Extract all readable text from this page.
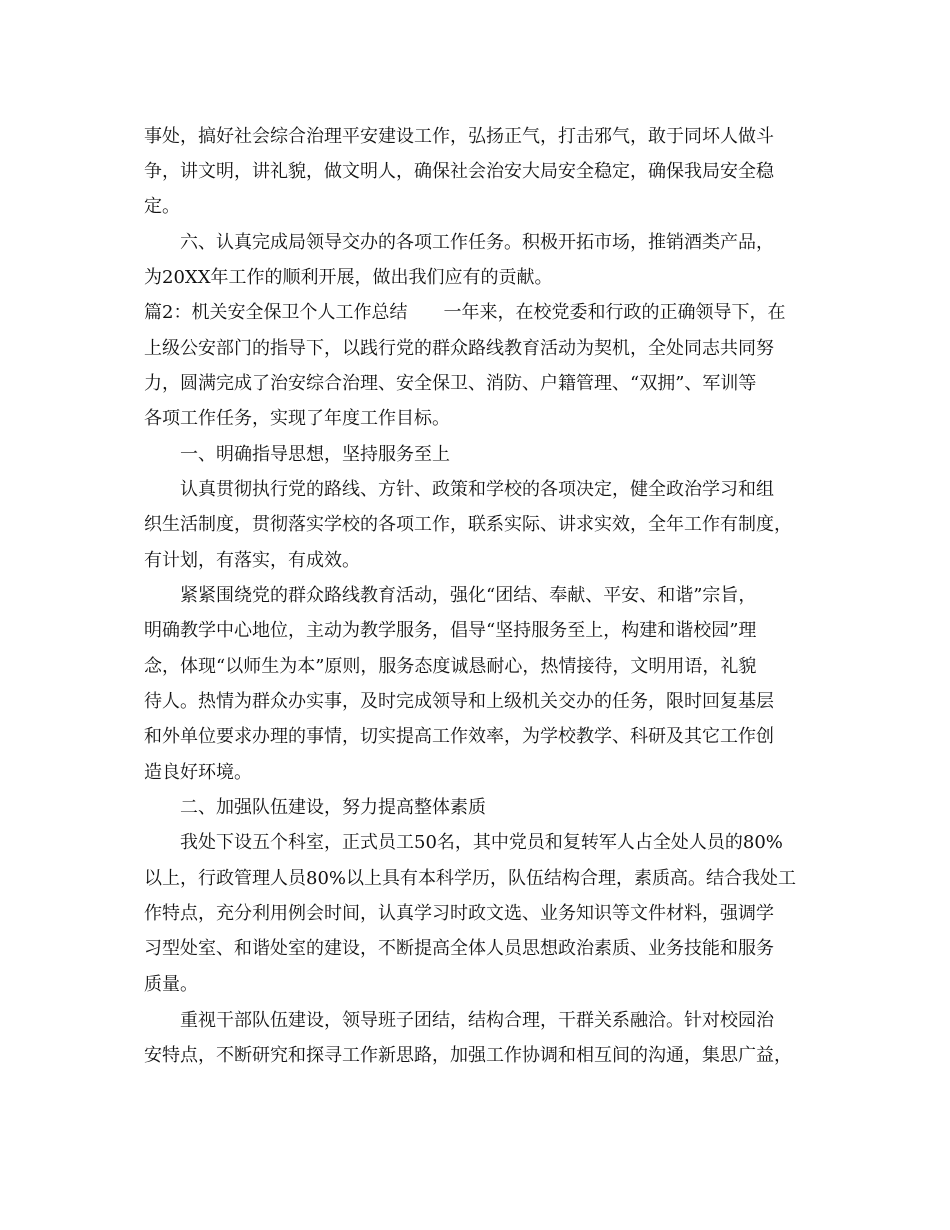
事处，搞好社会综合治理平安建设工作，弘扬正气，打击邪气，敢于同坏人做斗
争，讲文明，讲礼貌，做文明人，确保社会治安大局安全稳定，确保我局安全稳
定。
六、认真完成局领导交办的各项工作任务。积极开拓市场，推销酒类产品，
为20XX年工作的顺利开展，做出我们应有的贡献。
篇2：机关安全保卫个人工作总结　　一年来，在校党委和行政的正确领导下，在
上级公安部门的指导下，以践行党的群众路线教育活动为契机，全处同志共同努
力，圆满完成了治安综合治理、安全保卫、消防、户籍管理、“双拥”、军训等
各项工作任务，实现了年度工作目标。
一、明确指导思想，坚持服务至上
认真贯彻执行党的路线、方针、政策和学校的各项决定，健全政治学习和组
织生活制度，贯彻落实学校的各项工作，联系实际、讲求实效，全年工作有制度，
有计划，有落实，有成效。
紧紧围绕党的群众路线教育活动，强化“团结、奉献、平安、和谐”宗旨，
明确教学中心地位，主动为教学服务，倡导“坚持服务至上，构建和谐校园”理
念，体现“以师生为本”原则，服务态度诚恳耐心，热情接待，文明用语，礼貌
待人。热情为群众办实事，及时完成领导和上级机关交办的任务，限时回复基层
和外单位要求办理的事情，切实提高工作效率，为学校教学、科研及其它工作创
造良好环境。
二、加强队伍建设，努力提高整体素质
我处下设五个科室，正式员工50名，其中党员和复转军人占全处人员的80%
以上，行政管理人员80%以上具有本科学历，队伍结构合理，素质高。结合我处工
作特点，充分利用例会时间，认真学习时政文选、业务知识等文件材料，强调学
习型处室、和谐处室的建设，不断提高全体人员思想政治素质、业务技能和服务
质量。
重视干部队伍建设，领导班子团结，结构合理，干群关系融洽。针对校园治
安特点，不断研究和探寻工作新思路，加强工作协调和相互间的沟通，集思广益，
